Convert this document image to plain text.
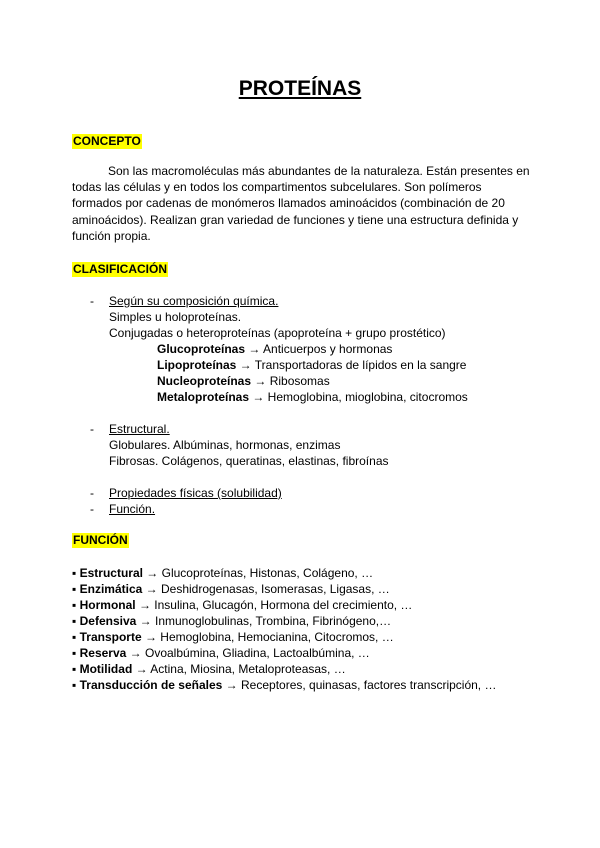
PROTEÍNAS
CONCEPTO

Son las macromoléculas más abundantes de la naturaleza. Están presentes en todas las células y en todos los compartimentos subcelulares. Son polímeros formados por cadenas de monómeros llamados aminoácidos (combinación de 20 aminoácidos). Realizan gran variedad de funciones y tiene una estructura definida y función propia.

CLASIFICACIÓN
- Según su composición química.
Simples u holoproteínas.
Conjugadas o heteroproteínas (apoproteína + grupo prostético)
Glucoproteínas → Anticuerpos y hormonas
Lipoproteínas → Transportadoras de lípidos en la sangre
Nucleoproteínas → Ribosomas
Metaloproteínas → Hemoglobina, mioglobina, citocromos
- Estructural.
Globulares. Albúminas, hormonas, enzimas
Fibrosas. Colágenos, queratinas, elastinas, fibroínas
- Propiedades físicas (solubilidad)
- Función.
FUNCIÓN
▪ Estructural → Glucoproteínas, Histonas, Colágeno, …
▪ Enzimática → Deshidrogenasas, Isomerasas, Ligasas, …
▪ Hormonal → Insulina, Glucagón, Hormona del crecimiento, …
▪ Defensiva → Inmunoglobulinas, Trombina, Fibrinógeno,…
▪ Transporte → Hemoglobina, Hemocianina, Citocromos, …
▪ Reserva → Ovoalbúmina, Gliadina, Lactoalbúmina, …
▪ Motilidad → Actina, Miosina, Metaloproteasas, …
▪ Transducción de señales → Receptores, quinasas, factores transcripción, …
